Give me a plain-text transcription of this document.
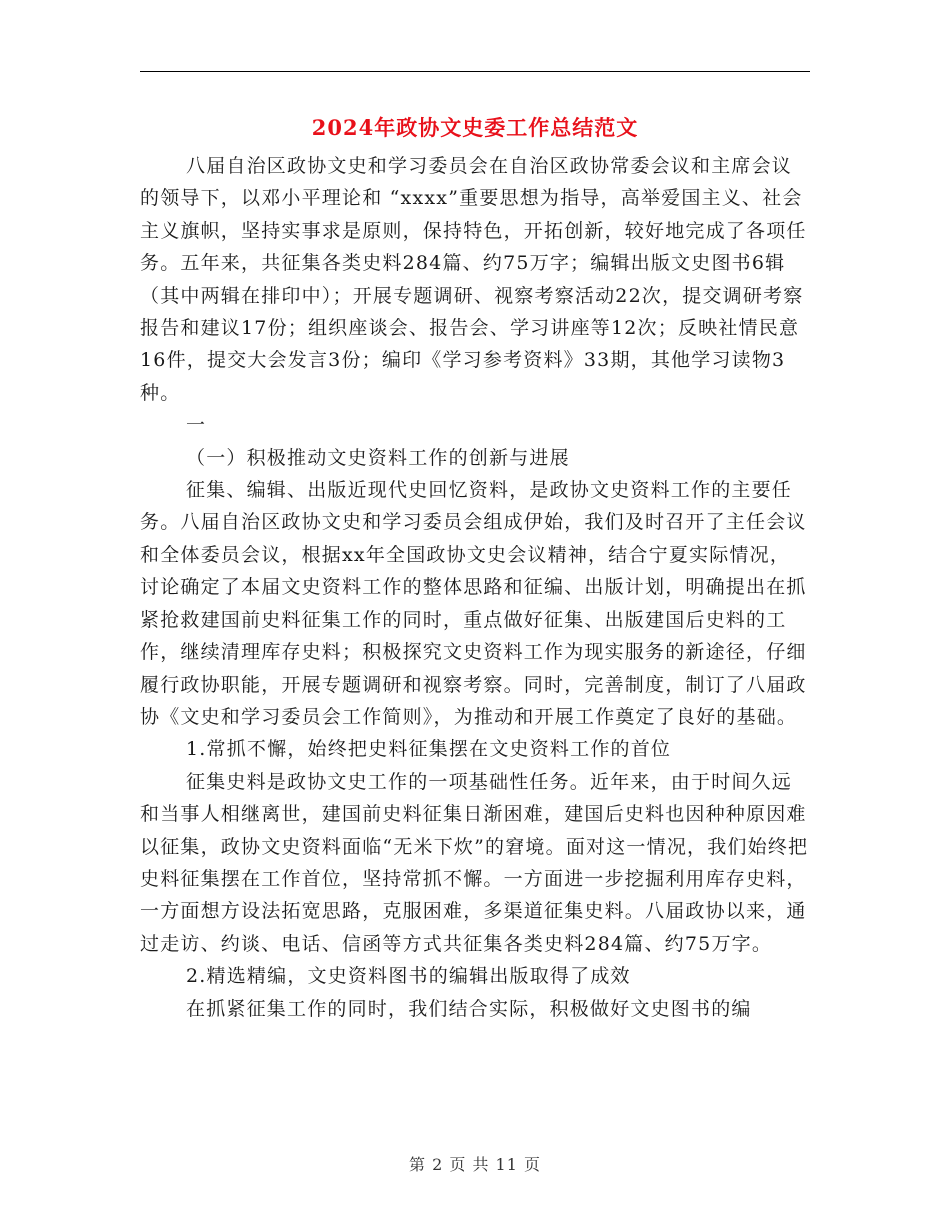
2024年政协文史委工作总结范文

八届自治区政协文史和学习委员会在自治区政协常委会议和主席会议的领导下，以邓小平理论和 “xxxx”重要思想为指导，高举爱国主义、社会主义旗帜，坚持实事求是原则，保持特色，开拓创新，较好地完成了各项任务。五年来，共征集各类史料284篇、约75万字；编辑出版文史图书6辑（其中两辑在排印中）；开展专题调研、视察考察活动22次，提交调研考察报告和建议17份；组织座谈会、报告会、学习讲座等12次；反映社情民意16件，提交大会发言3份；编印《学习参考资料》33期，其他学习读物3种。

一

（一）积极推动文史资料工作的创新与进展

征集、编辑、出版近现代史回忆资料，是政协文史资料工作的主要任务。八届自治区政协文史和学习委员会组成伊始，我们及时召开了主任会议和全体委员会议，根据xx年全国政协文史会议精神，结合宁夏实际情况，讨论确定了本届文史资料工作的整体思路和征编、出版计划，明确提出在抓紧抢救建国前史料征集工作的同时，重点做好征集、出版建国后史料的工作，继续清理库存史料；积极探究文史资料工作为现实服务的新途径，仔细履行政协职能，开展专题调研和视察考察。同时，完善制度，制订了八届政协《文史和学习委员会工作简则》，为推动和开展工作奠定了良好的基础。

1.常抓不懈，始终把史料征集摆在文史资料工作的首位

征集史料是政协文史工作的一项基础性任务。近年来，由于时间久远和当事人相继离世，建国前史料征集日渐困难，建国后史料也因种种原因难以征集，政协文史资料面临“无米下炊”的窘境。面对这一情况，我们始终把史料征集摆在工作首位，坚持常抓不懈。一方面进一步挖掘利用库存史料，一方面想方设法拓宽思路，克服困难，多渠道征集史料。八届政协以来，通过走访、约谈、电话、信函等方式共征集各类史料284篇、约75万字。

2.精选精编，文史资料图书的编辑出版取得了成效

在抓紧征集工作的同时，我们结合实际，积极做好文史图书的编

第 2 页 共 11 页
